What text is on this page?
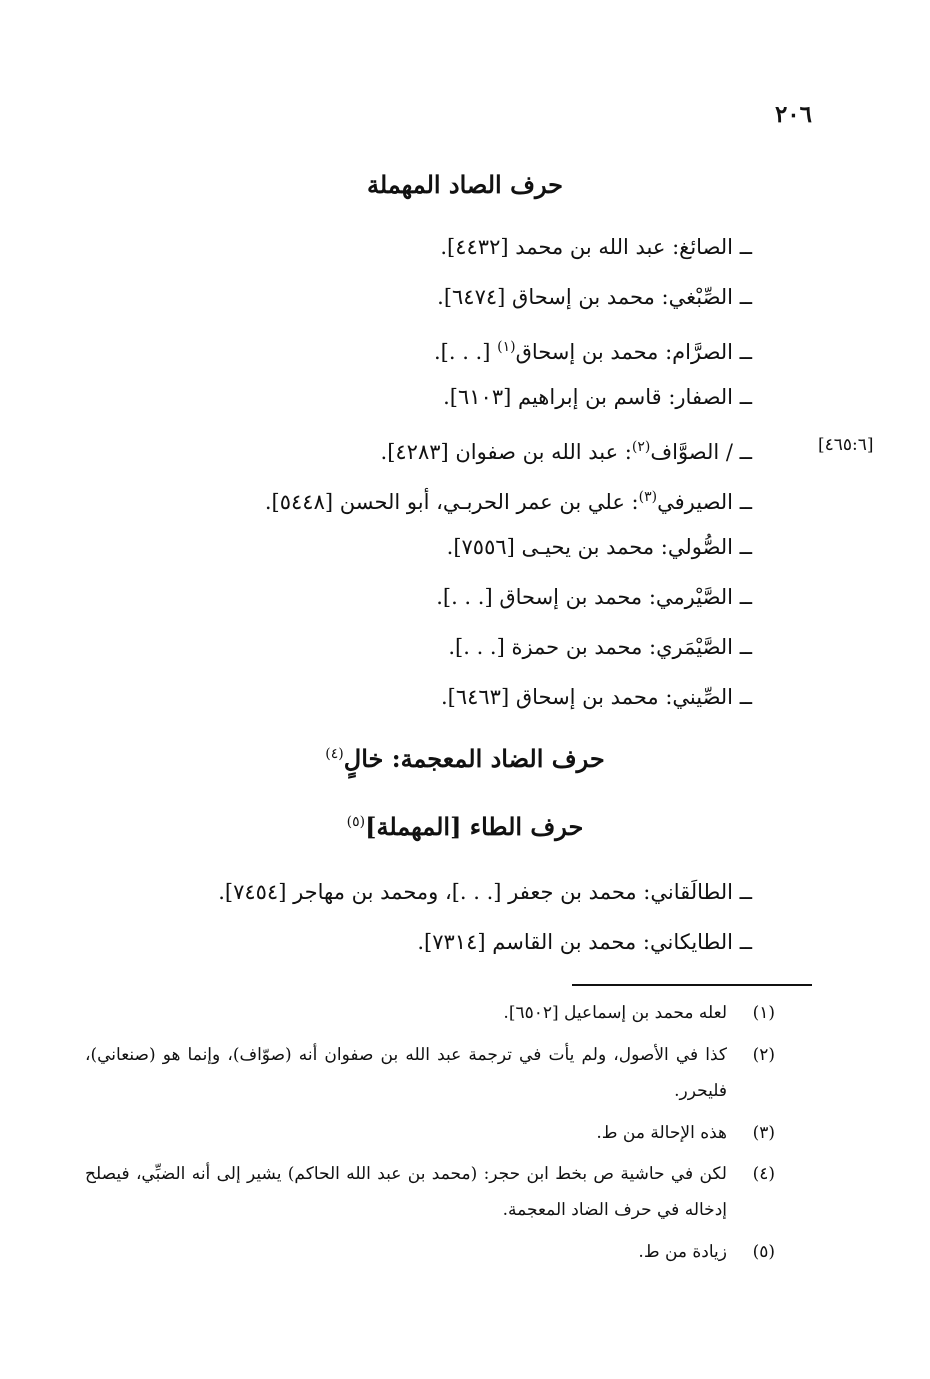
٢٠٦
حرف الصاد المهملة
ــ الصائغ: عبد الله بن محمد [٤٤٣٢].
ــ الصِّبْغي: محمد بن إسحاق [٦٤٧٤].
ــ الصرَّام: محمد بن إسحاق$^{(١)}$ [. . .].
ــ الصفار: قاسم بن إبراهيم [٦١٠٣].
ــ / الصوَّاف$^{(٢)}$: عبد الله بن صفوان [٤٢٨٣].	[٤٦٥:٦]
ــ الصيرفي$^{(٣)}$: علي بن عمر الحربـي، أبو الحسن [٥٤٤٨].
ــ الصُّولي: محمد بن يحيـى [٧٥٥٦].
ــ الصَّيْرمي: محمد بن إسحاق [. . .].
ــ الصَّيْمَري: محمد بن حمزة [. . .].
ــ الصِّيني: محمد بن إسحاق [٦٤٦٣].
حرف الضاد المعجمة: خالٍ$^{(٤)}$
حرف الطاء [المهملة]$^{(٥)}$
ــ الطالَقاني: محمد بن جعفر [. . .]، ومحمد بن مهاجر [٧٤٥٤].
ــ الطايكاني: محمد بن القاسم [٧٣١٤].
(١)
لعله محمد بن إسماعيل [٦٥٠٢].
(٢)
كذا في الأصول، ولم يأت في ترجمة عبد الله بن صفوان أنه (صوّاف)، وإنما هو (صنعاني)، فليحرر.
(٣)
هذه الإحالة من ط.
(٤)
لكن في حاشية ص بخط ابن حجر: (محمد بن عبد الله الحاكم) يشير إلى أنه الضبِّي، فيصلح إدخاله في حرف الضاد المعجمة.
(٥)
زيادة من ط.
